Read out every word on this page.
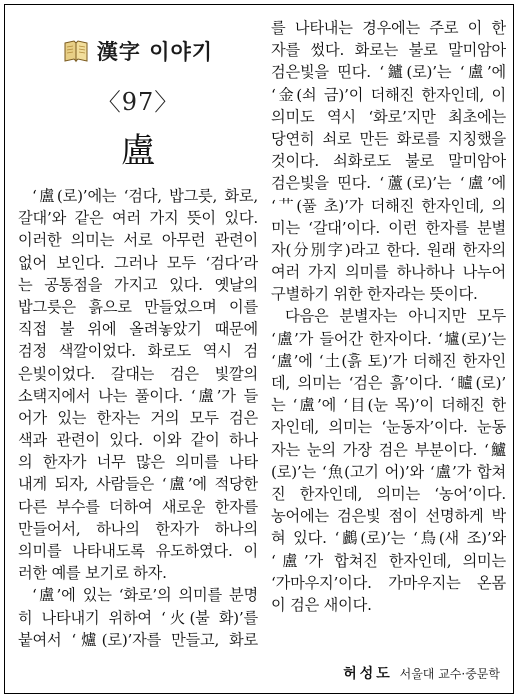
漢字 이야기
〈97〉
盧
‘盧(로)’에는 ‘검다, 밥그릇, 화로,
갈대’와 같은 여러 가지 뜻이 있다.
이러한 의미는 서로 아무런 관련이
없어 보인다. 그러나 모두 ‘검다’라
는 공통점을 가지고 있다. 옛날의
밥그릇은 흙으로 만들었으며 이를
직접 불 위에 올려놓았기 때문에
검정 색깔이었다. 화로도 역시 검
은빛이었다. 갈대는 검은 빛깔의
소택지에서 나는 풀이다. ‘盧’가 들
어가 있는 한자는 거의 모두 검은
색과 관련이 있다. 이와 같이 하나
의 한자가 너무 많은 의미를 나타
내게 되자, 사람들은 ‘盧’에 적당한
다른 부수를 더하여 새로운 한자를
만들어서, 하나의 한자가 하나의
의미를 나타내도록 유도하였다. 이
러한 예를 보기로 하자.
‘盧’에 있는 ‘화로’의 의미를 분명
히 나타내기 위하여 ‘火(불 화)’를
붙여서 ‘爐(로)’자를 만들고, 화로
를 나타내는 경우에는 주로 이 한
자를 썼다. 화로는 불로 말미암아
검은빛을 띤다. ‘鑪(로)’는 ‘盧’에
‘金(쇠 금)’이 더해진 한자인데, 이
의미도 역시 ‘화로’지만 최초에는
당연히 쇠로 만든 화로를 지칭했을
것이다. 쇠화로도 불로 말미암아
검은빛을 띤다. ‘蘆(로)’는 ‘盧’에
‘艹(풀 초)’가 더해진 한자인데, 의
미는 ‘갈대’이다. 이런 한자를 분별
자(分別字)라고 한다. 원래 한자의
여러 가지 의미를 하나하나 나누어
구별하기 위한 한자라는 뜻이다.
다음은 분별자는 아니지만 모두
‘盧’가 들어간 한자이다. ‘壚(로)’는
‘盧’에 ‘土(흙 토)’가 더해진 한자인
데, 의미는 ‘검은 흙’이다. ‘矑(로)’
는 ‘盧’에 ‘目(눈 목)’이 더해진 한
자인데, 의미는 ‘눈동자’이다. 눈동
자는 눈의 가장 검은 부분이다. ‘鱸
(로)’는 ‘魚(고기 어)’와 ‘盧’가 합쳐
진 한자인데, 의미는 ‘농어’이다.
농어에는 검은빛 점이 선명하게 박
혀 있다. ‘鸕(로)’는 ‘鳥(새 조)’와
‘盧’가 합쳐진 한자인데, 의미는
‘가마우지’이다. 가마우지는 온몸
이 검은 새이다.
허성도 서울대 교수·중문학
